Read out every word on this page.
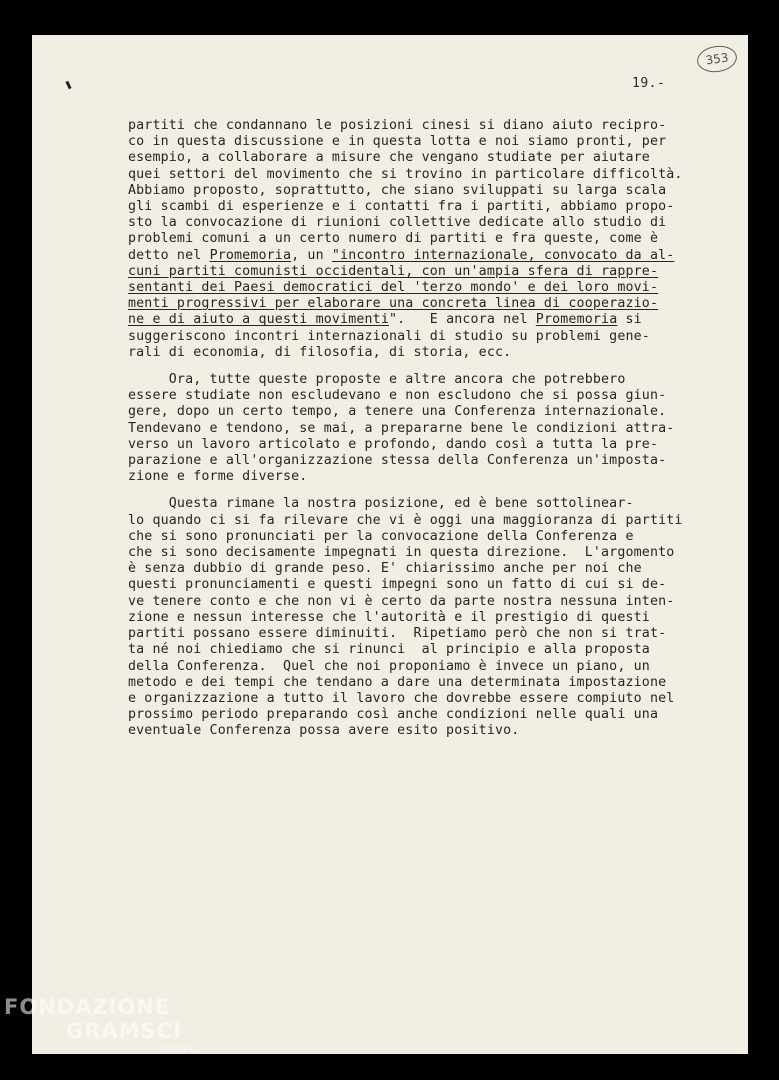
353
19.-
partiti che condannano le posizioni cinesi si diano aiuto recipro-
co in questa discussione e in questa lotta e noi siamo pronti, per
esempio, a collaborare a misure che vengano studiate per aiutare
quei settori del movimento che si trovino in particolare difficoltà.
Abbiamo proposto, soprattutto, che siano sviluppati su larga scala
gli scambi di esperienze e i contatti fra i partiti, abbiamo propo-
sto la convocazione di riunioni collettive dedicate allo studio di
problemi comuni a un certo numero di partiti e fra queste, come è
detto nel Promemoria, un "incontro internazionale, convocato da al-
cuni partiti comunisti occidentali, con un'ampia sfera di rappre-
sentanti dei Paesi democratici del 'terzo mondo' e dei loro movi-
menti progressivi per elaborare una concreta linea di cooperazio-
ne e di aiuto a questi movimenti".   E ancora nel Promemoria si
suggeriscono incontri internazionali di studio su problemi gene-
rali di economia, di filosofia, di storia, ecc.
Ora, tutte queste proposte e altre ancora che potrebbero
essere studiate non escludevano e non escludono che si possa giun-
gere, dopo un certo tempo, a tenere una Conferenza internazionale.
Tendevano e tendono, se mai, a prepararne bene le condizioni attra-
verso un lavoro articolato e profondo, dando così a tutta la pre-
parazione e all'organizzazione stessa della Conferenza un'imposta-
zione e forme diverse.
Questa rimane la nostra posizione, ed è bene sottolinear-
lo quando ci si fa rilevare che vi è oggi una maggioranza di partiti
che si sono pronunciati per la convocazione della Conferenza e
che si sono decisamente impegnati in questa direzione.  L'argomento
è senza dubbio di grande peso. E' chiarissimo anche per noi che
questi pronunciamenti e questi impegni sono un fatto di cui si de-
ve tenere conto e che non vi è certo da parte nostra nessuna inten-
zione e nessun interesse che l'autorità e il prestigio di questi
partiti possano essere diminuiti.  Ripetiamo però che non si trat-
ta né noi chiediamo che si rinunci  al principio e alla proposta
della Conferenza.  Quel che noi proponiamo è invece un piano, un
metodo e dei tempi che tendano a dare una determinata impostazione
e organizzazione a tutto il lavoro che dovrebbe essere compiuto nel
prossimo periodo preparando così anche condizioni nelle quali una
eventuale Conferenza possa avere esito positivo.
FONDAZIONE
GRAMSCI
onlus
